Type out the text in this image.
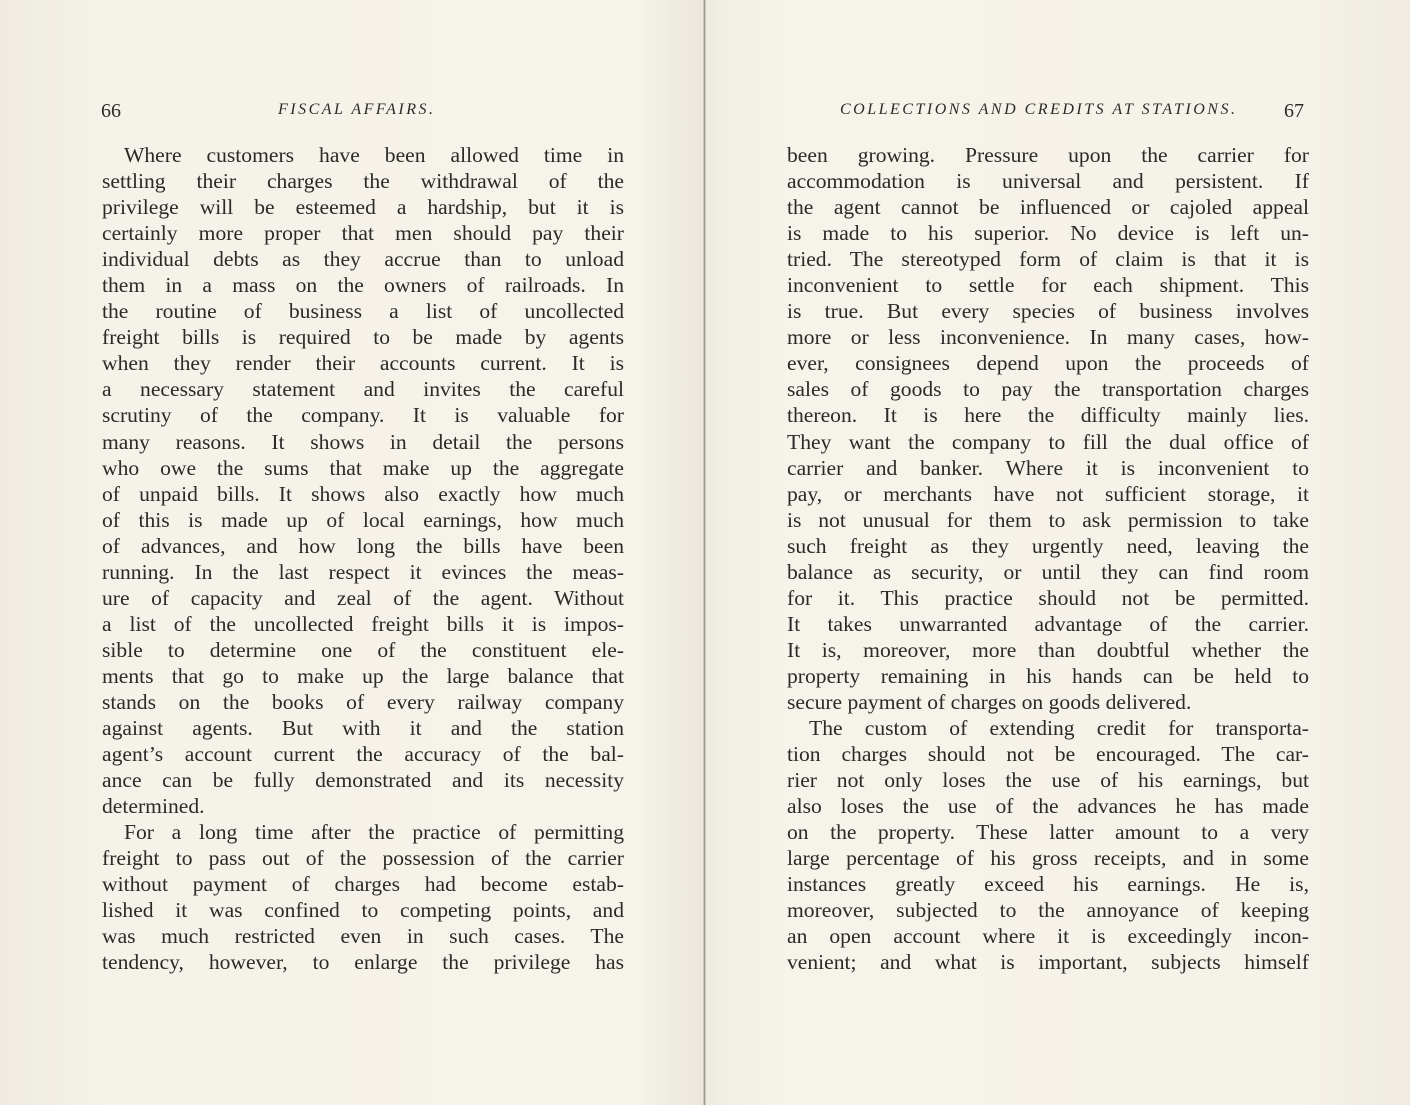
66	FISCAL AFFAIRS.
Where customers have been allowed time in
settling their charges the withdrawal of the
privilege will be esteemed a hardship, but it is
certainly more proper that men should pay their
individual debts as they accrue than to unload
them in a mass on the owners of railroads. In
the routine of business a list of uncollected
freight bills is required to be made by agents
when they render their accounts current. It is
a necessary statement and invites the careful
scrutiny of the company. It is valuable for
many reasons. It shows in detail the persons
who owe the sums that make up the aggregate
of unpaid bills. It shows also exactly how much
of this is made up of local earnings, how much
of advances, and how long the bills have been
running. In the last respect it evinces the meas-
ure of capacity and zeal of the agent. Without
a list of the uncollected freight bills it is impos-
sible to determine one of the constituent ele-
ments that go to make up the large balance that
stands on the books of every railway company
against agents. But with it and the station
agent’s account current the accuracy of the bal-
ance can be fully demonstrated and its necessity
determined.
For a long time after the practice of permitting
freight to pass out of the possession of the carrier
without payment of charges had become estab-
lished it was confined to competing points, and
was much restricted even in such cases. The
tendency, however, to enlarge the privilege has
COLLECTIONS AND CREDITS AT STATIONS. 67
been growing. Pressure upon the carrier for
accommodation is universal and persistent. If
the agent cannot be influenced or cajoled appeal
is made to his superior. No device is left un-
tried. The stereotyped form of claim is that it is
inconvenient to settle for each shipment. This
is true. But every species of business involves
more or less inconvenience. In many cases, how-
ever, consignees depend upon the proceeds of
sales of goods to pay the transportation charges
thereon. It is here the difficulty mainly lies.
They want the company to fill the dual office of
carrier and banker. Where it is inconvenient to
pay, or merchants have not sufficient storage, it
is not unusual for them to ask permission to take
such freight as they urgently need, leaving the
balance as security, or until they can find room
for it. This practice should not be permitted.
It takes unwarranted advantage of the carrier.
It is, moreover, more than doubtful whether the
property remaining in his hands can be held to
secure payment of charges on goods delivered.
The custom of extending credit for transporta-
tion charges should not be encouraged. The car-
rier not only loses the use of his earnings, but
also loses the use of the advances he has made
on the property. These latter amount to a very
large percentage of his gross receipts, and in some
instances greatly exceed his earnings. He is,
moreover, subjected to the annoyance of keeping
an open account where it is exceedingly incon-
venient; and what is important, subjects himself
